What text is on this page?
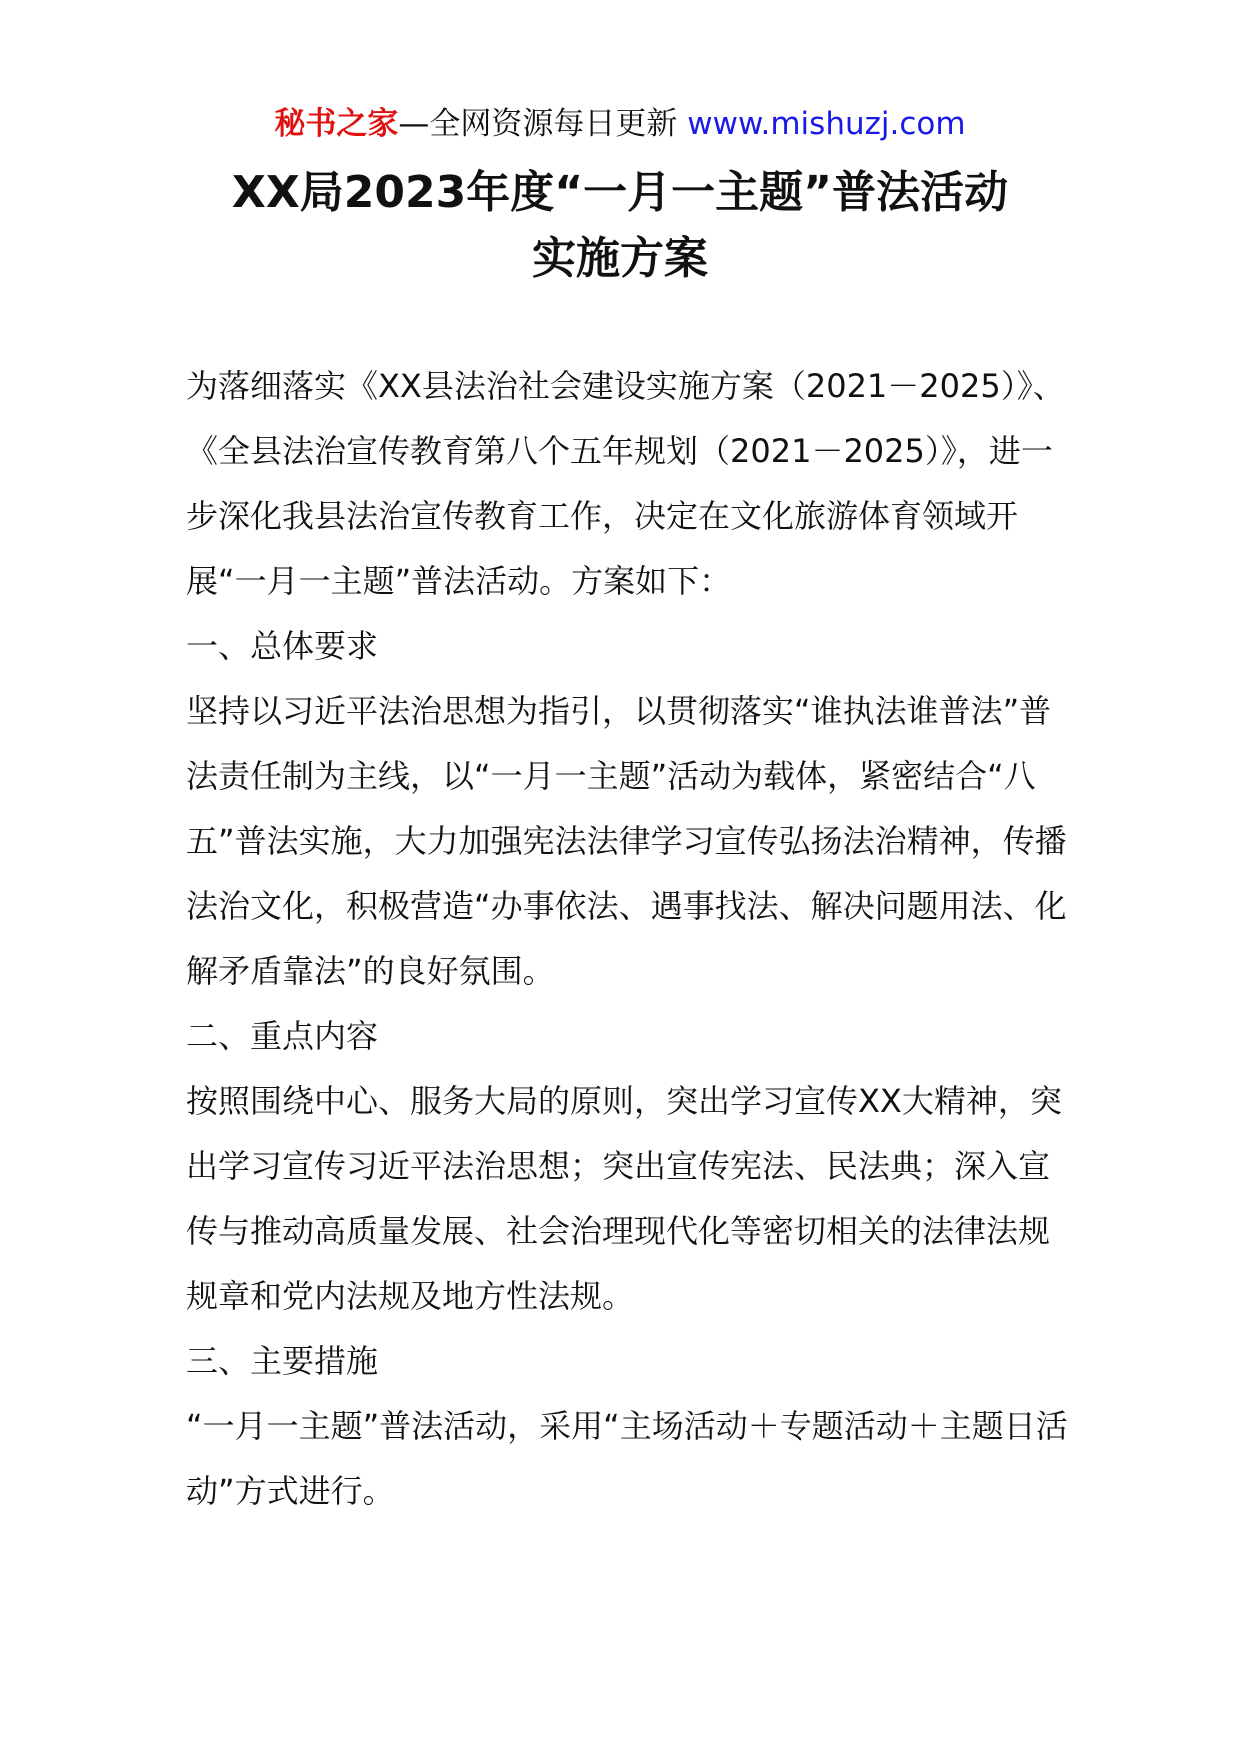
秘书之家—全网资源每日更新 www.mishuzj.com
XX局2023年度“一月一主题”普法活动
实施方案

为落细落实《XX县法治社会建设实施方案（2021－2025）》、《全县法治宣传教育第八个五年规划（2021－2025）》，进一步深化我县法治宣传教育工作，决定在文化旅游体育领域开展“一月一主题”普法活动。方案如下：

一、总体要求

坚持以习近平法治思想为指引，以贯彻落实“谁执法谁普法”普法责任制为主线，以“一月一主题”活动为载体，紧密结合“八五”普法实施，大力加强宪法法律学习宣传弘扬法治精神，传播法治文化，积极营造“办事依法、遇事找法、解决问题用法、化解矛盾靠法”的良好氛围。

二、重点内容

按照围绕中心、服务大局的原则，突出学习宣传XX大精神，突出学习宣传习近平法治思想；突出宣传宪法、民法典；深入宣传与推动高质量发展、社会治理现代化等密切相关的法律法规规章和党内法规及地方性法规。

三、主要措施

“一月一主题”普法活动，采用“主场活动＋专题活动＋主题日活动”方式进行。
